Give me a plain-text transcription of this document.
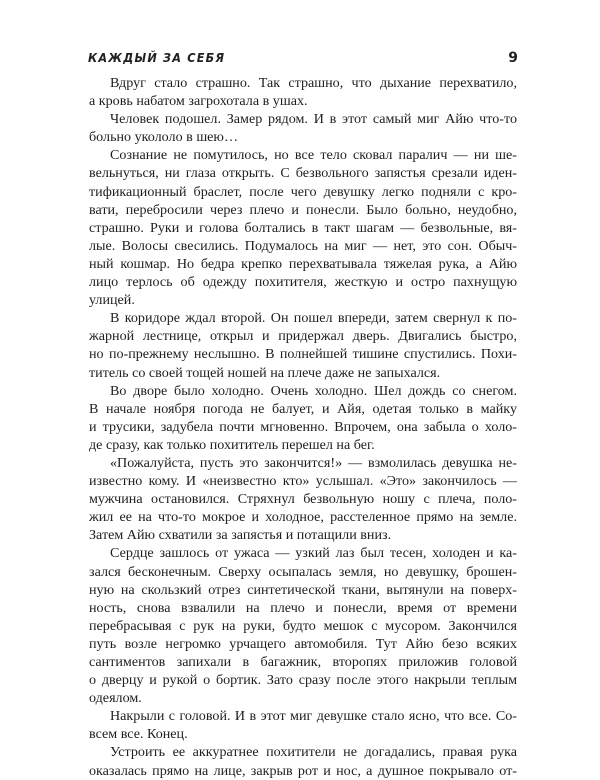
КАЖДЫЙ ЗА СЕБЯ	9
Вдруг стало страшно. Так страшно, что дыхание перехватило,
а кровь набатом загрохотала в ушах.
Человек подошел. Замер рядом. И в этот самый миг Айю что-то
больно укололо в шею…
Сознание не помутилось, но все тело сковал паралич — ни ше-
вельнуться, ни глаза открыть. С безвольного запястья срезали иден-
тификационный браслет, после чего девушку легко подняли с кро-
вати, перебросили через плечо и понесли. Было больно, неудобно,
страшно. Руки и голова болтались в такт шагам — безвольные, вя-
лые. Волосы свесились. Подумалось на миг — нет, это сон. Обыч-
ный кошмар. Но бедра крепко перехватывала тяжелая рука, а Айю
лицо терлось об одежду похитителя, жесткую и остро пахнущую
улицей.
В коридоре ждал второй. Он пошел впереди, затем свернул к по-
жарной лестнице, открыл и придержал дверь. Двигались быстро,
но по-прежнему неслышно. В полнейшей тишине спустились. Похи-
титель со своей тощей ношей на плече даже не запыхался.
Во дворе было холодно. Очень холодно. Шел дождь со снегом.
В начале ноября погода не балует, и Айя, одетая только в майку
и трусики, задубела почти мгновенно. Впрочем, она забыла о холо-
де сразу, как только похититель перешел на бег.
«Пожалуйста, пусть это закончится!» — взмолилась девушка не-
известно кому. И «неизвестно кто» услышал. «Это» закончилось —
мужчина остановился. Стряхнул безвольную ношу с плеча, поло-
жил ее на что-то мокрое и холодное, расстеленное прямо на земле.
Затем Айю схватили за запястья и потащили вниз.
Сердце зашлось от ужаса — узкий лаз был тесен, холоден и ка-
зался бесконечным. Сверху осыпалась земля, но девушку, брошен-
ную на скользкий отрез синтетической ткани, вытянули на поверх-
ность, снова взвалили на плечо и понесли, время от времени
перебрасывая с рук на руки, будто мешок с мусором. Закончился
путь возле негромко урчащего автомобиля. Тут Айю безо всяких
сантиментов запихали в багажник, второпях приложив головой
о дверцу и рукой о бортик. Зато сразу после этого накрыли теплым
одеялом.
Накрыли с головой. И в этот миг девушке стало ясно, что все. Со-
всем все. Конец.
Устроить ее аккуратнее похитители не догадались, правая рука
оказалась прямо на лице, закрыв рот и нос, а душное покрывало от-
